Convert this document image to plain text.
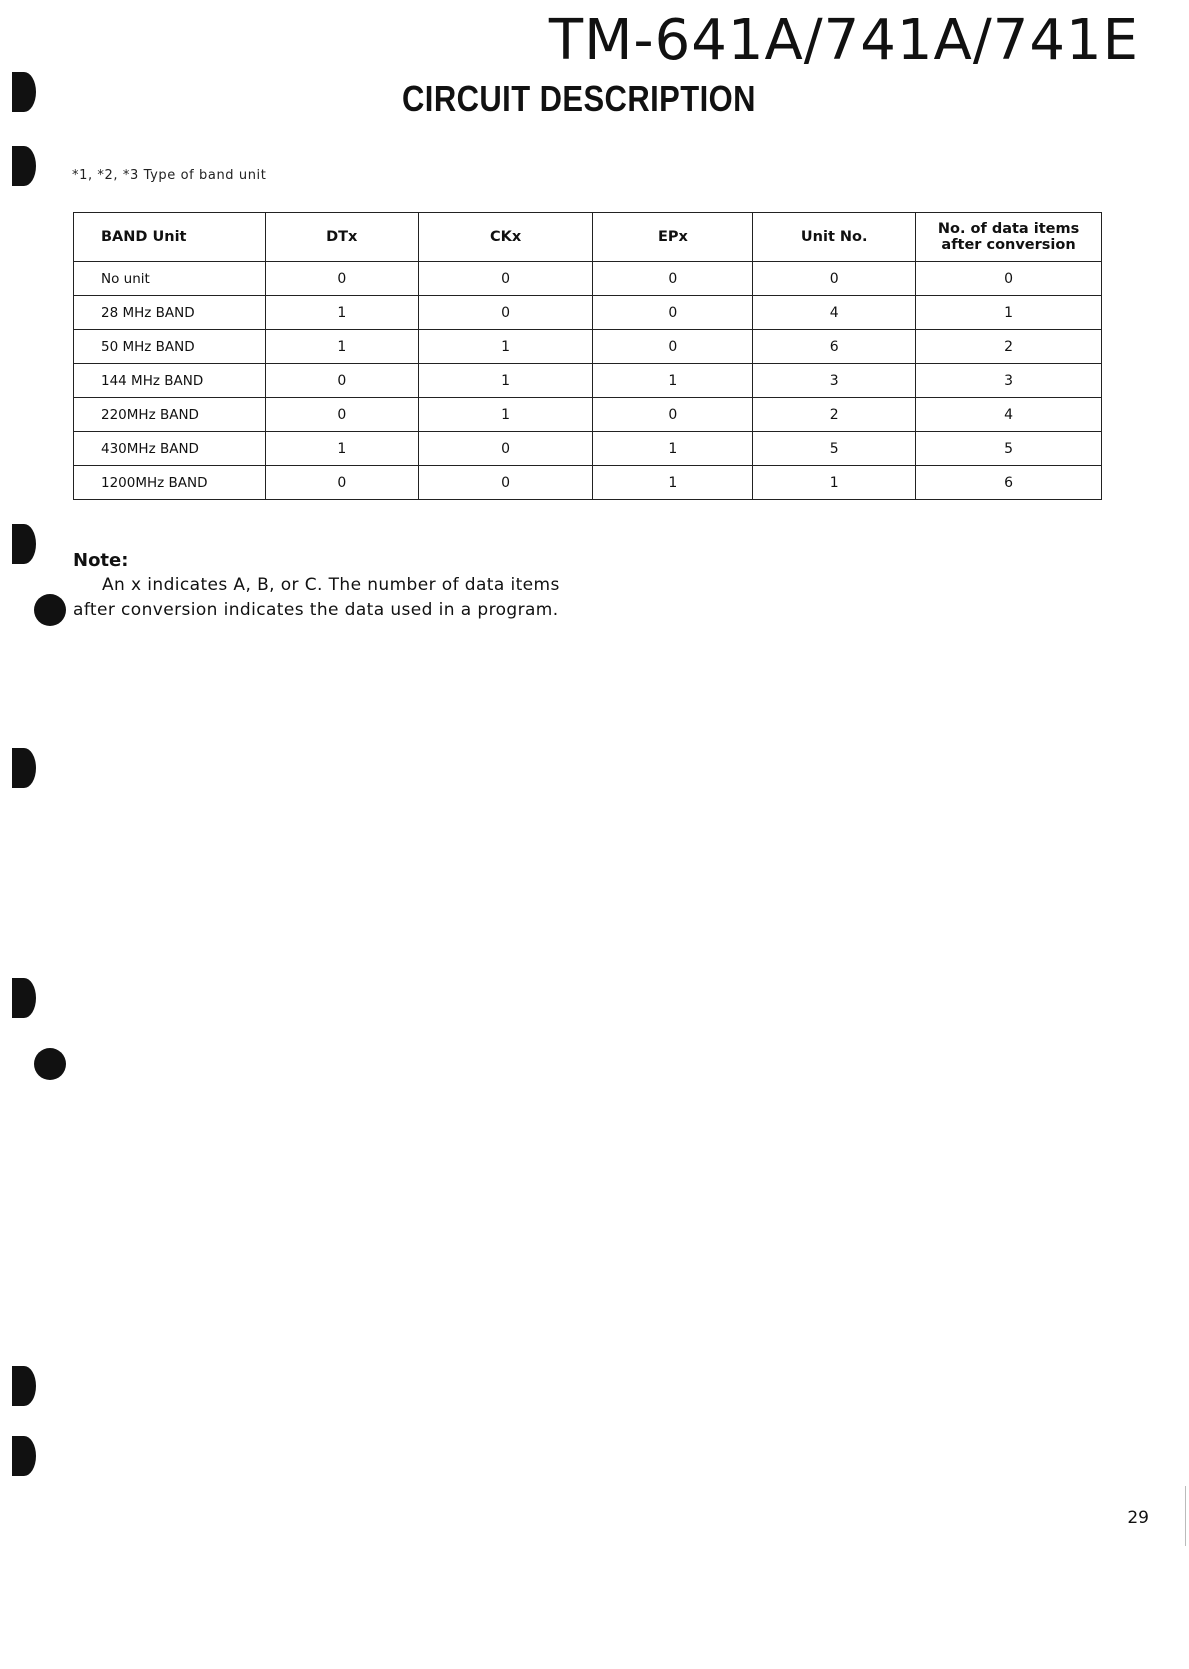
TM-641A/741A/741E
CIRCUIT DESCRIPTION
*1, *2, *3 Type of band unit
BAND Unit	DTx	CKx	EPx	Unit No.	No. of data items after conversion
No unit	0	0	0	0	0
28 MHz BAND	1	0	0	4	1
50 MHz BAND	1	1	0	6	2
144 MHz BAND	0	1	1	3	3
220MHz BAND	0	1	0	2	4
430MHz BAND	1	0	1	5	5
1200MHz BAND	0	0	1	1	6
Note:
An x indicates A, B, or C. The number of data items
after conversion indicates the data used in a program.
29
